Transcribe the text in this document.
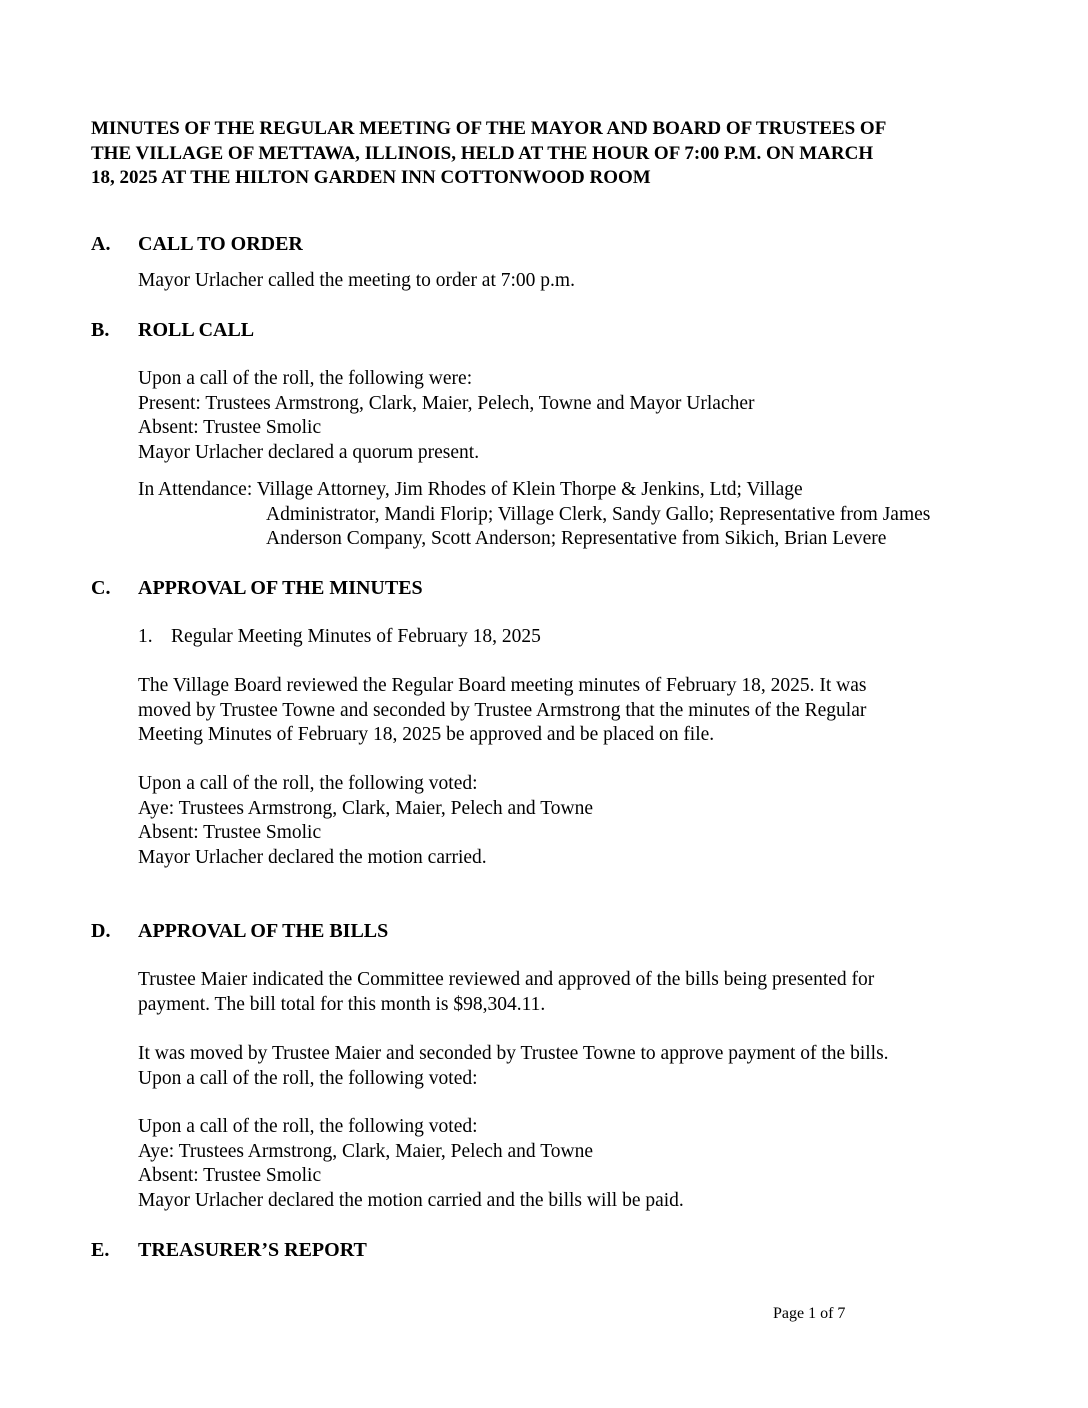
MINUTES OF THE REGULAR MEETING OF THE MAYOR AND BOARD OF TRUSTEES OF
THE VILLAGE OF METTAWA, ILLINOIS, HELD AT THE HOUR OF 7:00 P.M. ON MARCH
18, 2025 AT THE HILTON GARDEN INN COTTONWOOD ROOM
A. CALL TO ORDER
Mayor Urlacher called the meeting to order at 7:00 p.m.
B. ROLL CALL
Upon a call of the roll, the following were:
Present: Trustees Armstrong, Clark, Maier, Pelech, Towne and Mayor Urlacher
Absent: Trustee Smolic
Mayor Urlacher declared a quorum present.
In Attendance: Village Attorney, Jim Rhodes of Klein Thorpe & Jenkins, Ltd; Village
Administrator, Mandi Florip; Village Clerk, Sandy Gallo; Representative from James
Anderson Company, Scott Anderson; Representative from Sikich, Brian Levere
C. APPROVAL OF THE MINUTES
1. Regular Meeting Minutes of February 18, 2025
The Village Board reviewed the Regular Board meeting minutes of February 18, 2025. It was
moved by Trustee Towne and seconded by Trustee Armstrong that the minutes of the Regular
Meeting Minutes of February 18, 2025 be approved and be placed on file.
Upon a call of the roll, the following voted:
Aye: Trustees Armstrong, Clark, Maier, Pelech and Towne
Absent: Trustee Smolic
Mayor Urlacher declared the motion carried.
D. APPROVAL OF THE BILLS
Trustee Maier indicated the Committee reviewed and approved of the bills being presented for
payment. The bill total for this month is $98,304.11.
It was moved by Trustee Maier and seconded by Trustee Towne to approve payment of the bills.
Upon a call of the roll, the following voted:
Upon a call of the roll, the following voted:
Aye: Trustees Armstrong, Clark, Maier, Pelech and Towne
Absent: Trustee Smolic
Mayor Urlacher declared the motion carried and the bills will be paid.
E. TREASURER’S REPORT
Page 1 of 7
